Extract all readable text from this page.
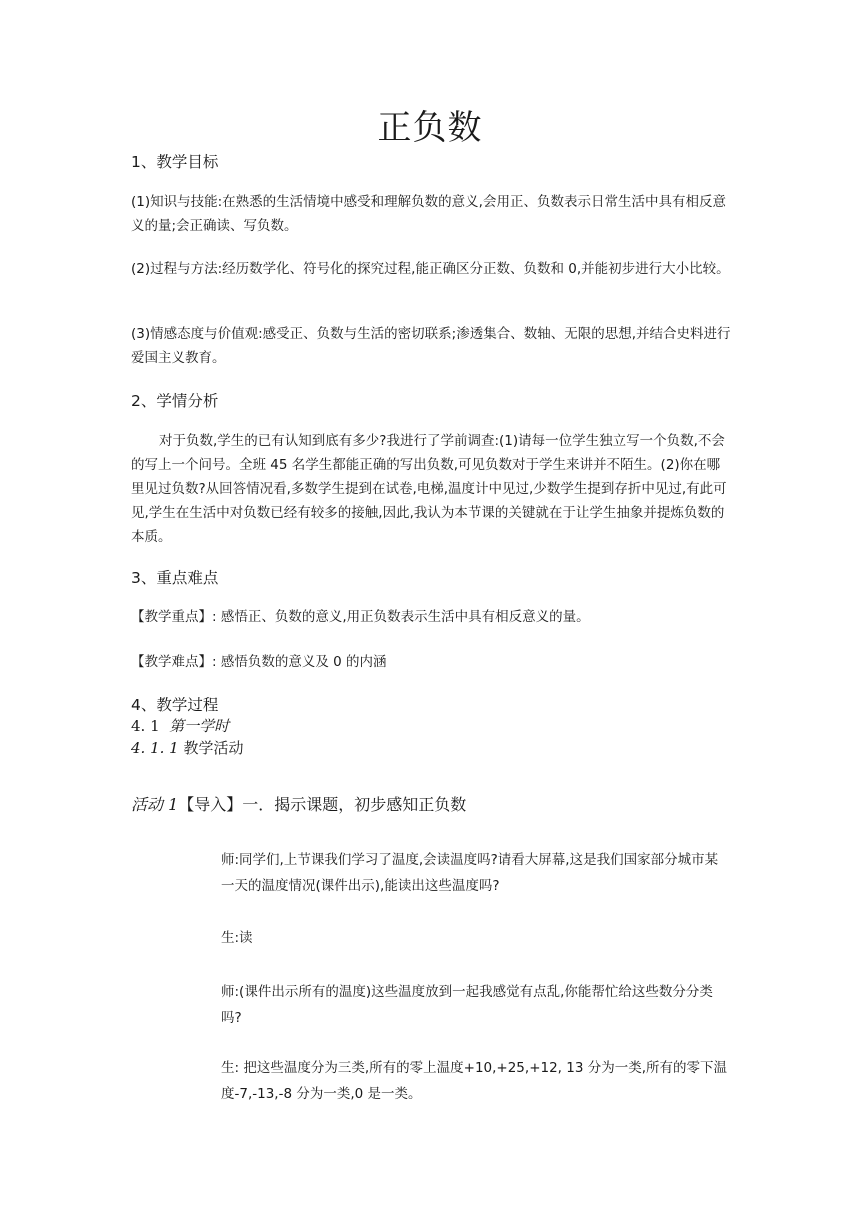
正负数
1、教学目标

(1)知识与技能:在熟悉的生活情境中感受和理解负数的意义,会用正、负数表示日常生活中具有相反意义的量;会正确读、写负数。

(2)过程与方法:经历数学化、符号化的探究过程,能正确区分正数、负数和 0,并能初步进行大小比较。

(3)情感态度与价值观:感受正、负数与生活的密切联系;渗透集合、数轴、无限的思想,并结合史料进行爱国主义教育。

2、学情分析

对于负数,学生的已有认知到底有多少?我进行了学前调查:(1)请每一位学生独立写一个负数,不会的写上一个问号。全班 45 名学生都能正确的写出负数,可见负数对于学生来讲并不陌生。(2)你在哪里见过负数?从回答情况看,多数学生提到在试卷,电梯,温度计中见过,少数学生提到存折中见过,有此可见,学生在生活中对负数已经有较多的接触,因此,我认为本节课的关键就在于让学生抽象并提炼负数的本质。

3、重点难点

【教学重点】: 感悟正、负数的意义,用正负数表示生活中具有相反意义的量。

【教学难点】: 感悟负数的意义及 0 的内涵

4、教学过程
4. 1 第一学时
4. 1. 1 教学活动
活动 1【导入】一．揭示课题，初步感知正负数

师:同学们,上节课我们学习了温度,会读温度吗?请看大屏幕,这是我们国家部分城市某一天的温度情况(课件出示),能读出这些温度吗?

生:读

师:(课件出示所有的温度)这些温度放到一起我感觉有点乱,你能帮忙给这些数分分类吗?

生: 把这些温度分为三类,所有的零上温度+10,+25,+12, 13 分为一类,所有的零下温度-7,-13,-8 分为一类,0 是一类。
